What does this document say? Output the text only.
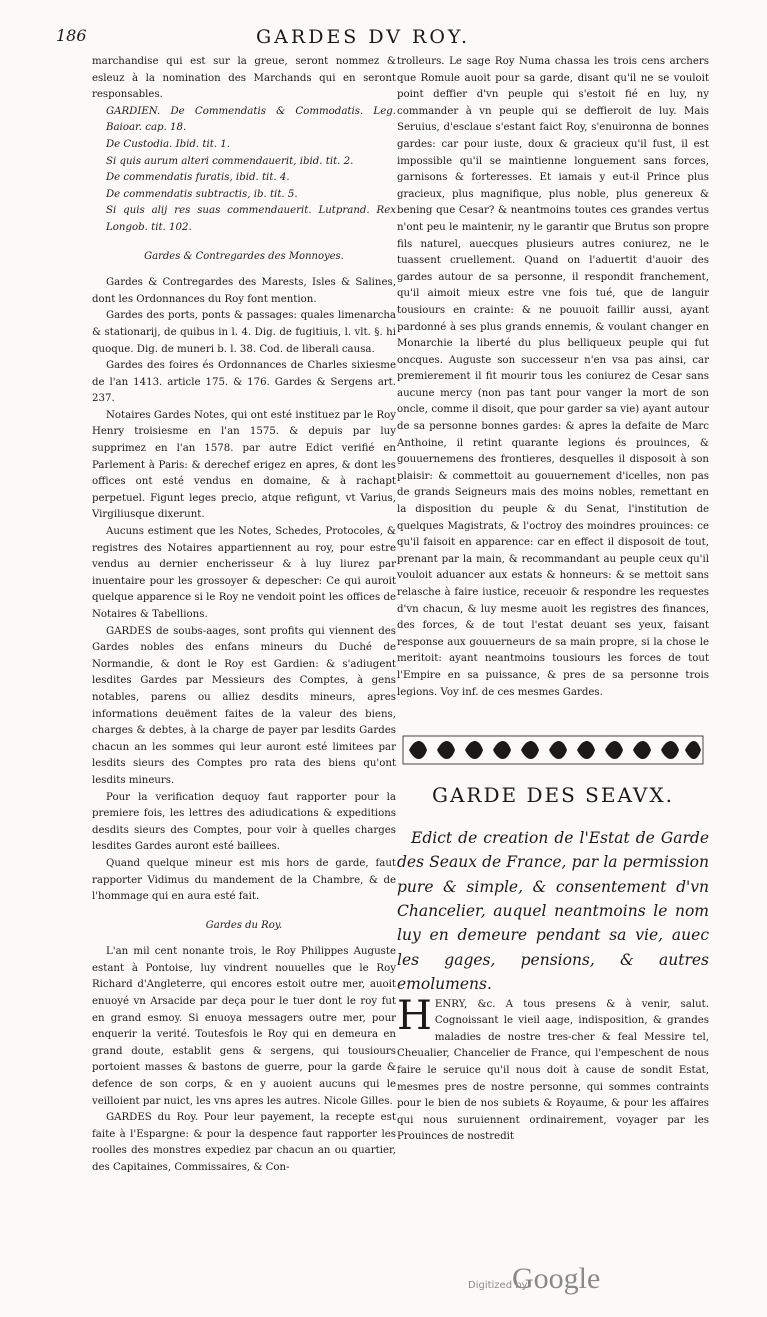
186	GARDES DV ROY.

marchandise qui est sur la greue, seront nommez & esleuz à la nomination des Marchands qui en seront responsables.

GARDIEN. De Commendatis & Commodatis. Leg. Baioar. cap. 18.

De Custodia. Ibid. tit. 1.

Si quis aurum alteri commendauerit, ibid. tit. 2.

De commendatis furatis, ibid. tit. 4.

De commendatis subtractis, ib. tit. 5.

Si quis alij res suas commendauerit. Lutprand. Rex Longob. tit. 102.

Gardes & Contregardes des Monnoyes.

Gardes & Contregardes des Marests, Isles & Salines, dont les Ordonnances du Roy font mention.

Gardes des ports, ponts & passages: quales limenarcha & stationarij, de quibus in l. 4. Dig. de fugitiuis, l. vlt. §. hi quoque. Dig. de muneri b. l. 38. Cod. de liberali causa.

Gardes des foires és Ordonnances de Charles sixiesme de l'an 1413. article 175. & 176. Gardes & Sergens art. 237.

Notaires Gardes Notes, qui ont esté instituez par le Roy Henry troisiesme en l'an 1575. & depuis par luy supprimez en l'an 1578. par autre Edict verifié en Parlement à Paris: & derechef erigez en apres, & dont les offices ont esté vendus en domaine, & à rachapt perpetuel. Figunt leges precio, atque refigunt, vt Varius, Virgiliusque dixerunt.

Aucuns estiment que les Notes, Schedes, Protocoles, & registres des Notaires appartiennent au roy, pour estre vendus au dernier encherisseur & à luy liurez par inuentaire pour les grossoyer & depescher: Ce qui auroit quelque apparence si le Roy ne vendoit point les offices de Notaires & Tabellions.

GARDES de soubs-aages, sont profits qui viennent des Gardes nobles des enfans mineurs du Duché de Normandie, & dont le Roy est Gardien: & s'adiugent lesdites Gardes par Messieurs des Comptes, à gens notables, parens ou alliez desdits mineurs, apres informations deuëment faites de la valeur des biens, charges & debtes, à la charge de payer par lesdits Gardes chacun an les sommes qui leur auront esté limitees par lesdits sieurs des Comptes pro rata des biens qu'ont lesdits mineurs.

Pour la verification dequoy faut rapporter pour la premiere fois, les lettres des adiudications & expeditions desdits sieurs des Comptes, pour voir à quelles charges lesdites Gardes auront esté baillees.

Quand quelque mineur est mis hors de garde, faut rapporter Vidimus du mandement de la Chambre, & de l'hommage qui en aura esté fait.

Gardes du Roy.

L'an mil cent nonante trois, le Roy Philippes Auguste estant à Pontoise, luy vindrent nouuelles que le Roy Richard d'Angleterre, qui encores estoit outre mer, auoit enuoyé vn Arsacide par deça pour le tuer dont le roy fut en grand esmoy. Si enuoya messagers outre mer, pour enquerir la verité. Toutesfois le Roy qui en demeura en grand doute, establit gens & sergens, qui tousiours portoient masses & bastons de guerre, pour la garde & defence de son corps, & en y auoient aucuns qui le veilloient par nuict, les vns apres les autres. Nicole Gilles.

GARDES du Roy. Pour leur payement, la recepte est faite à l'Espargne: & pour la despence faut rapporter les roolles des monstres expediez par chacun an ou quartier, des Capitaines, Commissaires, & Con-

trolleurs. Le sage Roy Numa chassa les trois cens archers que Romule auoit pour sa garde, disant qu'il ne se vouloit point deffier d'vn peuple qui s'estoit fié en luy, ny commander à vn peuple qui se deffieroit de luy. Mais Seruius, d'esclaue s'estant faict Roy, s'enuironna de bonnes gardes: car pour iuste, doux & gracieux qu'il fust, il est impossible qu'il se maintienne longuement sans forces, garnisons & forteresses. Et iamais y eut-il Prince plus gracieux, plus magnifique, plus noble, plus genereux & bening que Cesar? & neantmoins toutes ces grandes vertus n'ont peu le maintenir, ny le garantir que Brutus son propre fils naturel, auecques plusieurs autres coniurez, ne le tuassent cruellement. Quand on l'aduertit d'auoir des gardes autour de sa personne, il respondit franchement, qu'il aimoit mieux estre vne fois tué, que de languir tousiours en crainte: & ne pouuoit faillir aussi, ayant pardonné à ses plus grands ennemis, & voulant changer en Monarchie la liberté du plus belliqueux peuple qui fut oncques. Auguste son successeur n'en vsa pas ainsi, car premierement il fit mourir tous les coniurez de Cesar sans aucune mercy (non pas tant pour vanger la mort de son oncle, comme il disoit, que pour garder sa vie) ayant autour de sa personne bonnes gardes: & apres la defaite de Marc Anthoine, il retint quarante legions és prouinces, & gouuernemens des frontieres, desquelles il disposoit à son plaisir: & commettoit au gouuernement d'icelles, non pas de grands Seigneurs mais des moins nobles, remettant en la disposition du peuple & du Senat, l'institution de quelques Magistrats, & l'octroy des moindres prouinces: ce qu'il faisoit en apparence: car en effect il disposoit de tout, prenant par la main, & recommandant au peuple ceux qu'il vouloit aduancer aux estats & honneurs: & se mettoit sans relasche à faire iustice, receuoir & respondre les requestes d'vn chacun, & luy mesme auoit les registres des finances, des forces, & de tout l'estat deuant ses yeux, faisant response aux gouuerneurs de sa main propre, si la chose le meritoit: ayant neantmoins tousiours les forces de tout l'Empire en sa puissance, & pres de sa personne trois legions. Voy inf. de ces mesmes Gardes.

GARDE DES SEAVX.

Edict de creation de l'Estat de Garde des Seaux de France, par la permission pure & simple, & consentement d'vn Chancelier, auquel neantmoins le nom luy en demeure pendant sa vie, auec les gages, pensions, & autres emolumens.

H ENRY, &c. A tous presens & à venir, salut. Cognoissant le vieil aage, indisposition, & grandes maladies de nostre tres-cher & feal Messire tel, Cheualier, Chancelier de France, qui l'empeschent de nous faire le seruice qu'il nous doit à cause de sondit Estat, mesmes pres de nostre personne, qui sommes contraints pour le bien de nos subiets & Royaume, & pour les affaires qui nous suruiennent ordinairement, voyager par les Prouinces de nostredit

Digitized by
Google
